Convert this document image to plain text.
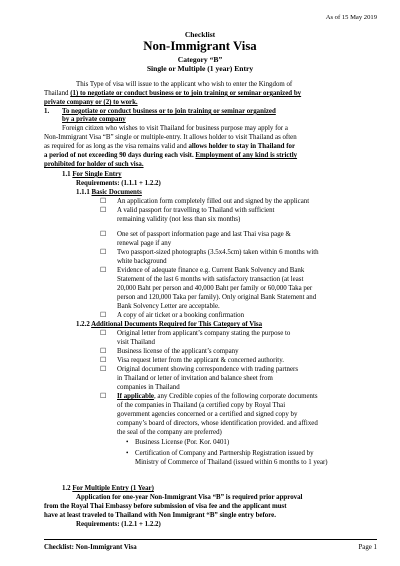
As of 15 May 2019
Checklist
Non-Immigrant Visa
Category “B”
Single or Multiple (1 year) Entry
This Type of visa will issue to the applicant who wish to enter the Kingdom of
Thailand (1) to negotiate or conduct business or to join training or seminar organized by
private company or (2) to work.
1. To negotiate or conduct business or to join training or seminar organized
by a private company
Foreign citizen who wishes to visit Thailand for business purpose may apply for a
Non-Immigrant Visa “B” single or multiple-entry. It allows holder to visit Thailand as often
as required for as long as the visa remains valid and allows holder to stay in Thailand for
a period of not exceeding 90 days during each visit. Employment of any kind is strictly
prohibited for holder of such visa.
1.1 For Single Entry
Requirements: (1.1.1 + 1.2.2)
1.1.1 Basic Documents
☐ An application form completely filled out and signed by the applicant
☐ A valid passport for travelling to Thailand with sufficient
remaining validity (not less than six months)
☐ One set of passport information page and last Thai visa page &
renewal page if any
☐ Two passport-sized photographs (3.5x4.5cm) taken within 6 months with
white background
☐ Evidence of adequate finance e.g. Current Bank Solvency and Bank
Statement of the last 6 months with satisfactory transaction (at least
20,000 Baht per person and 40,000 Baht per family or 60,000 Taka per
person and 120,000 Taka per family). Only original Bank Statement and
Bank Solvency Letter are acceptable.
☐ A copy of air ticket or a booking confirmation
1.2.2 Additional Documents Required for This Category of Visa
☐ Original letter from applicant’s company stating the purpose to
visit Thailand
☐ Business license of the applicant’s company
☐ Visa request letter from the applicant & concerned authority.
☐ Original document showing correspondence with trading partners
in Thailand or letter of invitation and balance sheet from
companies in Thailand
☐ If applicable, any Credible copies of the following corporate documents
of the companies in Thailand (a certified copy by Royal Thai
government agencies concerned or a certified and signed copy by
company’s board of directors, whose identification provided. and affixed
the seal of the company are preferred)
• Business License (Por. Kor. 0401)
• Certification of Company and Partnership Registration issued by
Ministry of Commerce of Thailand (issued within 6 months to 1 year)
1.2 For Multiple Entry (1 Year)
Application for one-year Non-Immigrant Visa “B” is required prior approval
from the Royal Thai Embassy before submission of visa fee and the applicant must
have at least traveled to Thailand with Non Immigrant “B” single entry before.
Requirements: (1.2.1 + 1.2.2)
Checklist: Non-Immigrant Visa	Page 1
